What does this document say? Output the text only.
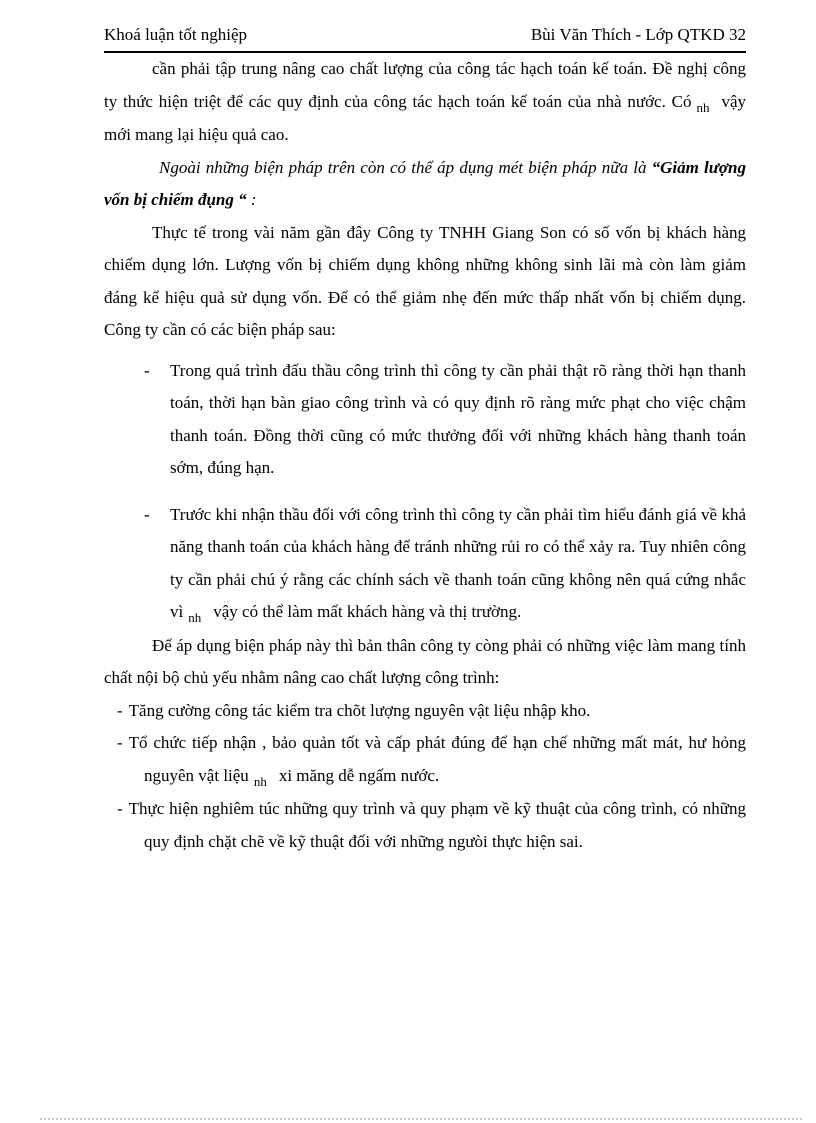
Khoá luận tốt nghiệp	Bùi Văn Thích - Lớp QTKD 32

cần phải tập trung nâng cao chất lượng của công tác hạch toán kế toán. Đề nghị công ty thức hiện triệt để các quy định của công tác hạch toán kế toán của nhà nước. Có nh vậy mới mang lại hiệu quả cao.

Ngoài những biện pháp trên còn có thể áp dụng mét biện pháp nữa là “Giảm lượng vốn bị chiếm đụng “ :

Thực tế trong vài năm gần đây Công ty TNHH Giang Son có số vốn bị khách hàng chiếm dụng lớn. Lượng vốn bị chiếm dụng không những không sinh lãi mà còn làm giảm đáng kể hiệu quả sử dụng vốn. Để có thể giảm nhẹ đến mức thấp nhất vốn bị chiếm dụng. Công ty cần có các biện pháp sau:

-	Trong quá trình đấu thầu công trình thì công ty cần phải thật rõ ràng thời hạn thanh toán, thời hạn bàn giao công trình và có quy định rõ ràng mức phạt cho việc chậm thanh toán. Đồng thời cũng có mức thưởng đối với những khách hàng thanh toán sớm, đúng hạn.
-	Trước khi nhận thầu đối với công trình thì công ty cần phải tìm hiểu đánh giá về khả năng thanh toán của khách hàng để tránh những rủi ro có thể xảy ra. Tuy nhiên công ty cần phải chú ý rằng các chính sách về thanh toán cũng không nên quá cứng nhắc vì nh vậy có thể làm mất khách hàng và thị trường.

Để áp dụng biện pháp này thì bản thân công ty còng phải có những việc làm mang tính chất nội bộ chủ yếu nhằm nâng cao chất lượng công trình:

- Tăng cường công tác kiểm tra chõt lượng nguyên vật liệu nhập kho.

- Tổ chức tiếp nhận , bảo quản tốt và cấp phát đúng để hạn chế những mất mát, hư hỏng nguyên vật liệu nh xi măng dễ ngấm nước.

- Thực hiện nghiêm túc những quy trình và quy phạm về kỹ thuật của công trình, có những quy định chặt chẽ về kỹ thuật đối với những ngưòi thực hiện sai.
